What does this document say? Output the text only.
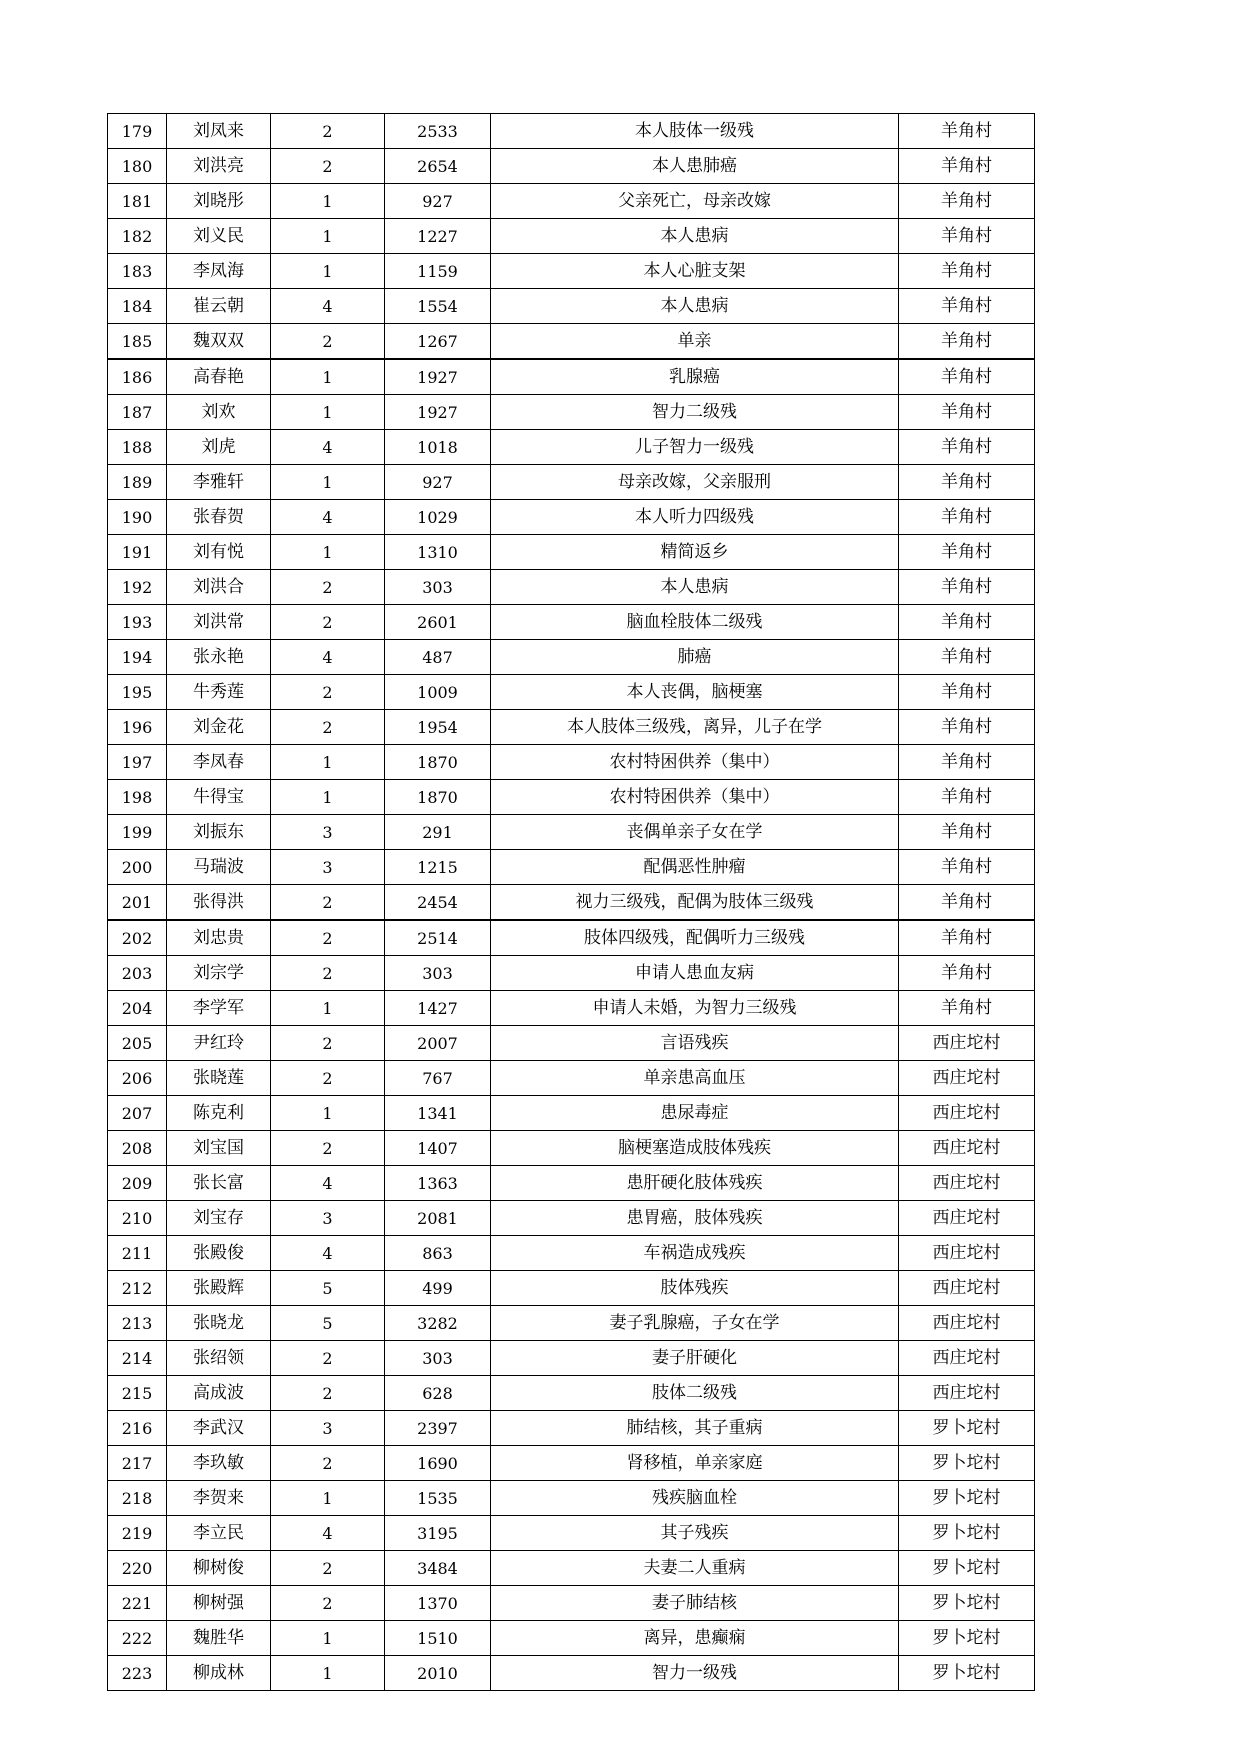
179	刘凤来	2	2533	本人肢体一级残	羊角村
180	刘洪亮	2	2654	本人患肺癌	羊角村
181	刘晓彤	1	927	父亲死亡，母亲改嫁	羊角村
182	刘义民	1	1227	本人患病	羊角村
183	李凤海	1	1159	本人心脏支架	羊角村
184	崔云朝	4	1554	本人患病	羊角村
185	魏双双	2	1267	单亲	羊角村
186	高春艳	1	1927	乳腺癌	羊角村
187	刘欢	1	1927	智力二级残	羊角村
188	刘虎	4	1018	儿子智力一级残	羊角村
189	李雅轩	1	927	母亲改嫁，父亲服刑	羊角村
190	张春贺	4	1029	本人听力四级残	羊角村
191	刘有悦	1	1310	精简返乡	羊角村
192	刘洪合	2	303	本人患病	羊角村
193	刘洪常	2	2601	脑血栓肢体二级残	羊角村
194	张永艳	4	487	肺癌	羊角村
195	牛秀莲	2	1009	本人丧偶，脑梗塞	羊角村
196	刘金花	2	1954	本人肢体三级残，离异，儿子在学	羊角村
197	李凤春	1	1870	农村特困供养（集中）	羊角村
198	牛得宝	1	1870	农村特困供养（集中）	羊角村
199	刘振东	3	291	丧偶单亲子女在学	羊角村
200	马瑞波	3	1215	配偶恶性肿瘤	羊角村
201	张得洪	2	2454	视力三级残，配偶为肢体三级残	羊角村
202	刘忠贵	2	2514	肢体四级残，配偶听力三级残	羊角村
203	刘宗学	2	303	申请人患血友病	羊角村
204	李学军	1	1427	申请人未婚，为智力三级残	羊角村
205	尹红玲	2	2007	言语残疾	西庄坨村
206	张晓莲	2	767	单亲患高血压	西庄坨村
207	陈克利	1	1341	患尿毒症	西庄坨村
208	刘宝国	2	1407	脑梗塞造成肢体残疾	西庄坨村
209	张长富	4	1363	患肝硬化肢体残疾	西庄坨村
210	刘宝存	3	2081	患胃癌，肢体残疾	西庄坨村
211	张殿俊	4	863	车祸造成残疾	西庄坨村
212	张殿辉	5	499	肢体残疾	西庄坨村
213	张晓龙	5	3282	妻子乳腺癌，子女在学	西庄坨村
214	张绍领	2	303	妻子肝硬化	西庄坨村
215	高成波	2	628	肢体二级残	西庄坨村
216	李武汉	3	2397	肺结核，其子重病	罗卜坨村
217	李玖敏	2	1690	肾移植，单亲家庭	罗卜坨村
218	李贺来	1	1535	残疾脑血栓	罗卜坨村
219	李立民	4	3195	其子残疾	罗卜坨村
220	柳树俊	2	3484	夫妻二人重病	罗卜坨村
221	柳树强	2	1370	妻子肺结核	罗卜坨村
222	魏胜华	1	1510	离异，患癫痫	罗卜坨村
223	柳成林	1	2010	智力一级残	罗卜坨村
